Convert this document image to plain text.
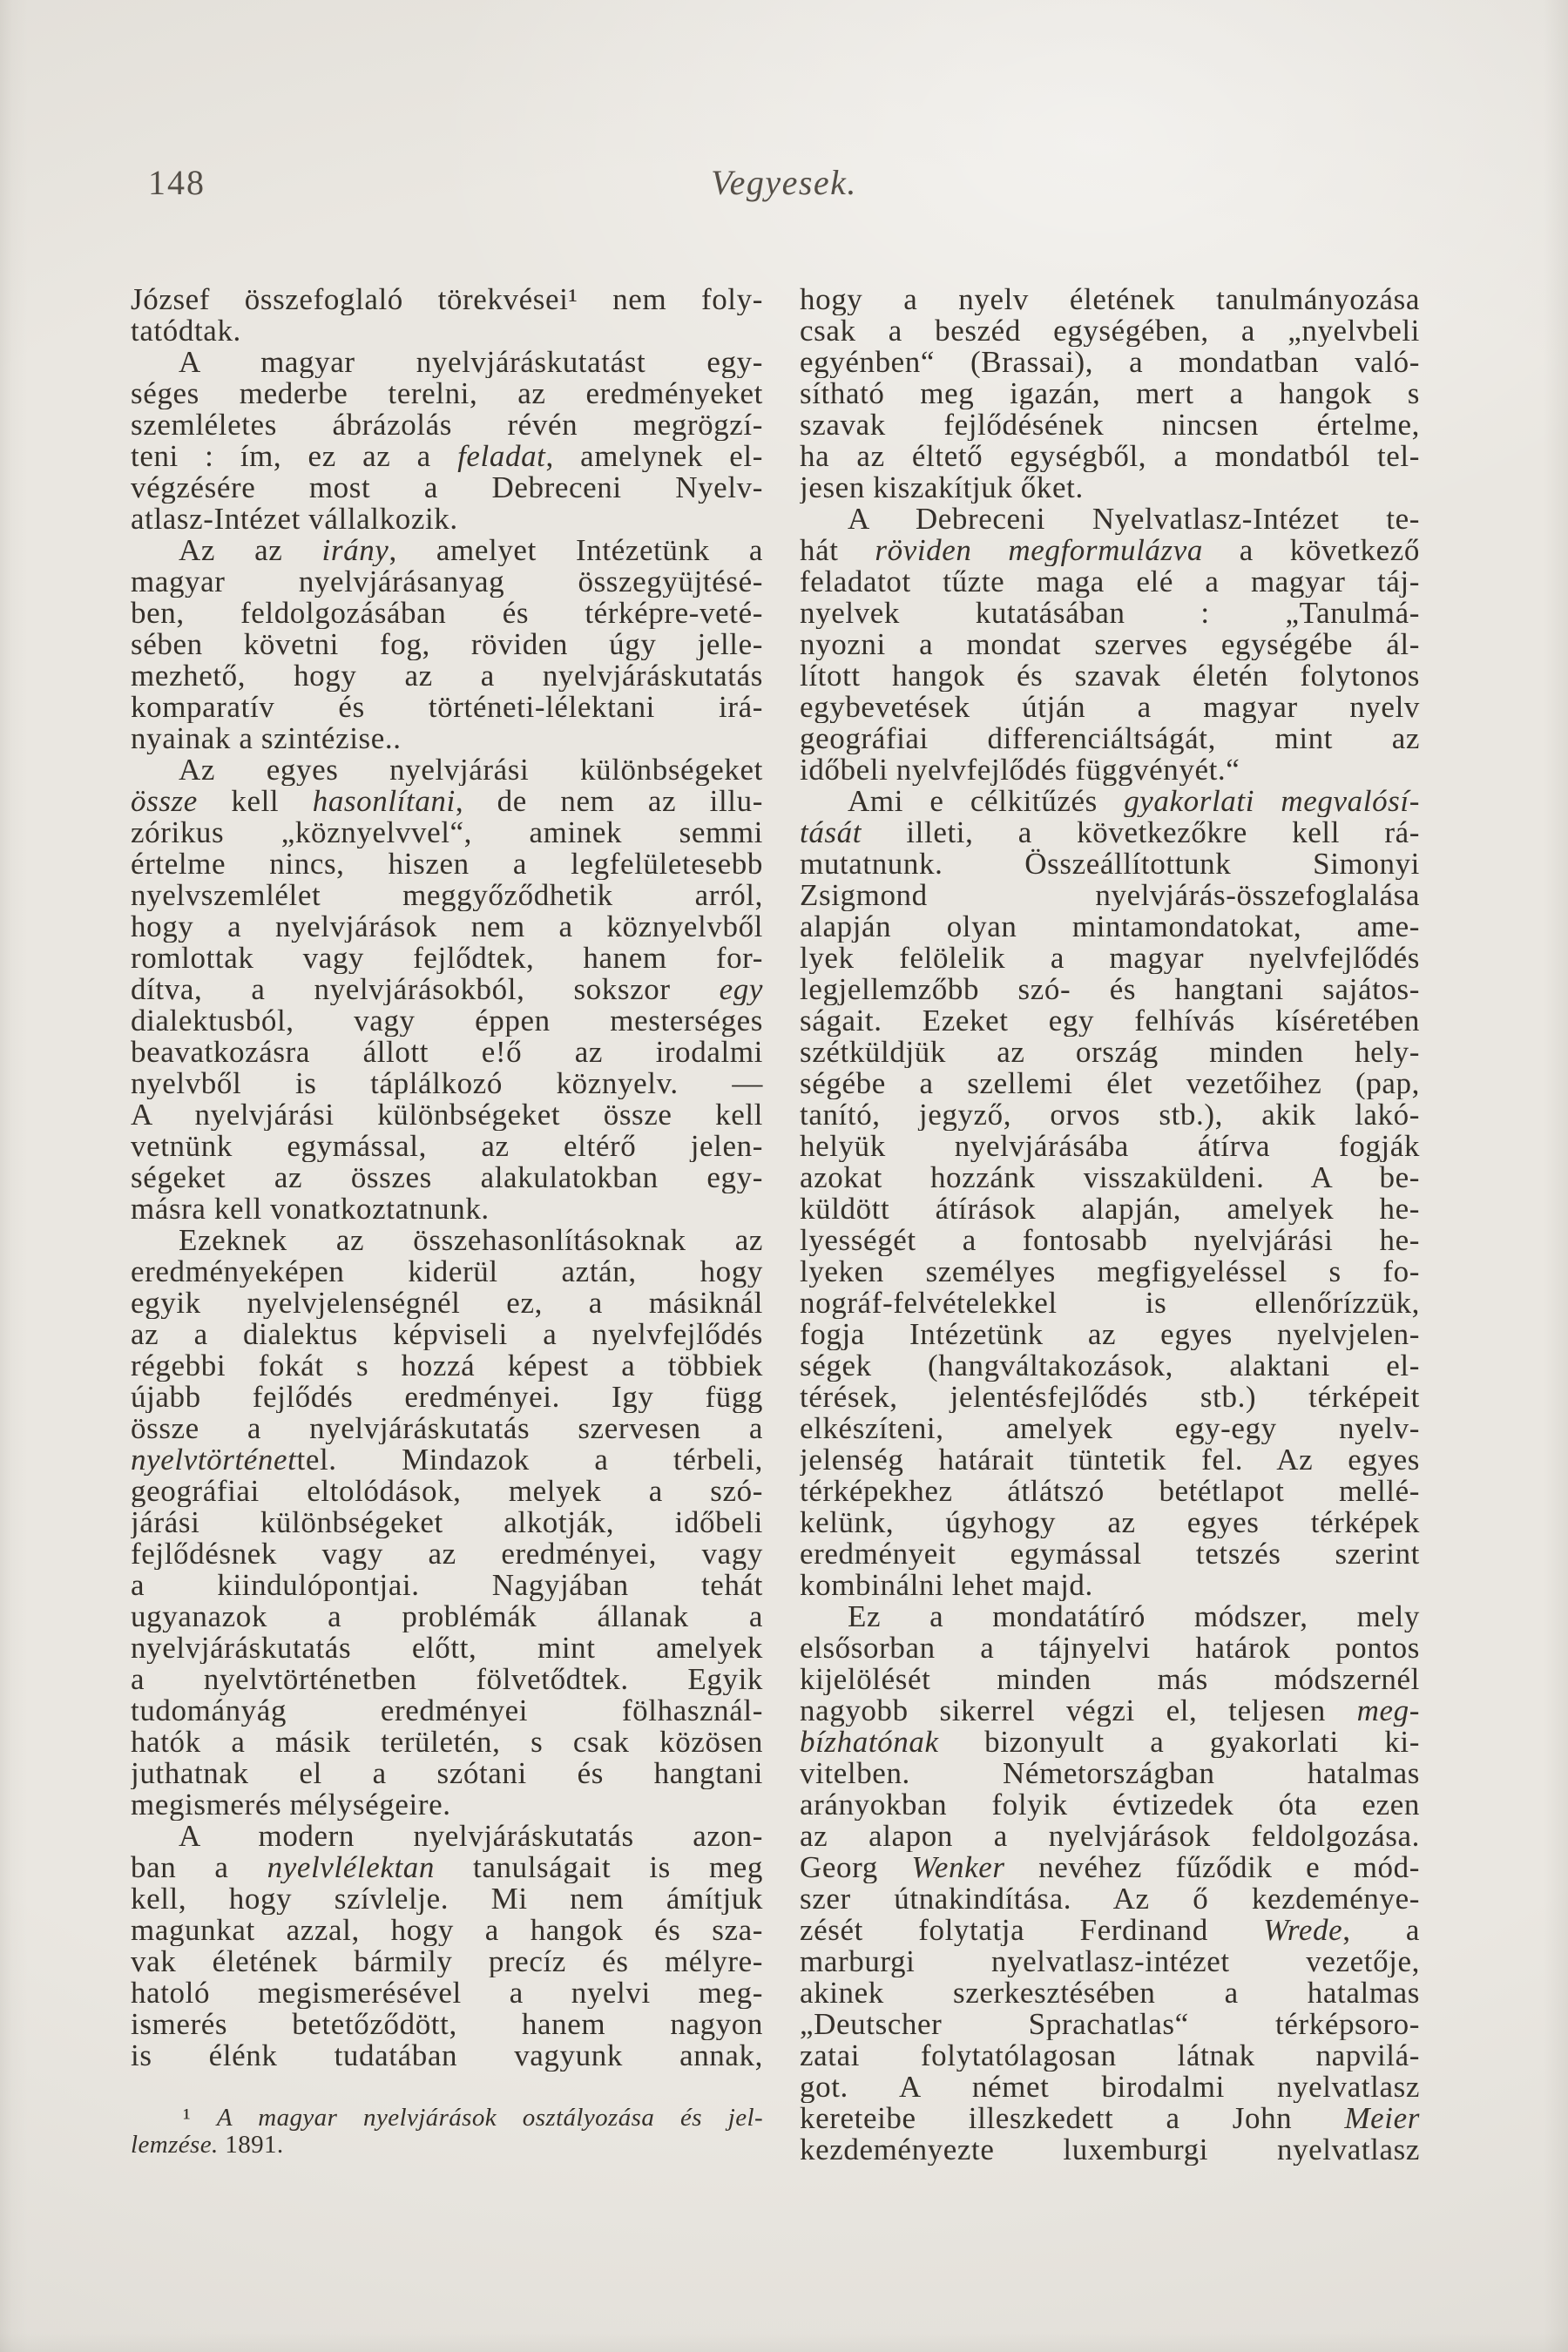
148	Vegyesek.
József összefoglaló törekvései¹ nem foly-
tatódtak.
A magyar nyelvjáráskutatást egy-
séges mederbe terelni, az eredményeket
szemléletes ábrázolás révén megrögzí-
teni : ím, ez az a feladat, amelynek el-
végzésére most a Debreceni Nyelv-
atlasz-Intézet vállalkozik.
Az az irány, amelyet Intézetünk a
magyar nyelvjárásanyag összegyüjtésé-
ben, feldolgozásában és térképre-veté-
sében követni fog, röviden úgy jelle-
mezhető, hogy az a nyelvjáráskutatás
komparatív és történeti-lélektani irá-
nyainak a szintézise..
Az egyes nyelvjárási különbségeket
össze kell hasonlítani, de nem az illu-
zórikus „köznyelvvel“, aminek semmi
értelme nincs, hiszen a legfelületesebb
nyelvszemlélet meggyőződhetik arról,
hogy a nyelvjárások nem a köznyelvből
romlottak vagy fejlődtek, hanem for-
dítva, a nyelvjárásokból, sokszor egy
dialektusból, vagy éppen mesterséges
beavatkozásra állott e!ő az irodalmi
nyelvből is táplálkozó köznyelv. —
A nyelvjárási különbségeket össze kell
vetnünk egymással, az eltérő jelen-
ségeket az összes alakulatokban egy-
másra kell vonatkoztatnunk.
Ezeknek az összehasonlításoknak az
eredményeképen kiderül aztán, hogy
egyik nyelvjelenségnél ez, a másiknál
az a dialektus képviseli a nyelvfejlődés
régebbi fokát s hozzá képest a többiek
újabb fejlődés eredményei. Igy függ
össze a nyelvjáráskutatás szervesen a
nyelvtörténettel. Mindazok a térbeli,
geográfiai eltolódások, melyek a szó-
járási különbségeket alkotják, időbeli
fejlődésnek vagy az eredményei, vagy
a kiindulópontjai. Nagyjában tehát
ugyanazok a problémák állanak a
nyelvjáráskutatás előtt, mint amelyek
a nyelvtörténetben fölvetődtek. Egyik
tudományág eredményei fölhasznál-
hatók a másik területén, s csak közösen
juthatnak el a szótani és hangtani
megismerés mélységeire.
A modern nyelvjáráskutatás azon-
ban a nyelvlélektan tanulságait is meg
kell, hogy szívlelje. Mi nem ámítjuk
magunkat azzal, hogy a hangok és sza-
vak életének bármily precíz és mélyre-
hatoló megismerésével a nyelvi meg-
ismerés betetőződött, hanem nagyon
is élénk tudatában vagyunk annak,
hogy a nyelv életének tanulmányozása
csak a beszéd egységében, a „nyelvbeli
egyénben“ (Brassai), a mondatban való-
sítható meg igazán, mert a hangok s
szavak fejlődésének nincsen értelme,
ha az éltető egységből, a mondatból tel-
jesen kiszakítjuk őket.
A Debreceni Nyelvatlasz-Intézet te-
hát röviden megformulázva a következő
feladatot tűzte maga elé a magyar táj-
nyelvek kutatásában : „Tanulmá-
nyozni a mondat szerves egységébe ál-
lított hangok és szavak életén folytonos
egybevetések útján a magyar nyelv
geográfiai differenciáltságát, mint az
időbeli nyelvfejlődés függvényét.“
Ami e célkitűzés gyakorlati megvalósí-
tását illeti, a következőkre kell rá-
mutatnunk. Összeállítottunk Simonyi
Zsigmond nyelvjárás-összefoglalása
alapján olyan mintamondatokat, ame-
lyek felölelik a magyar nyelvfejlődés
legjellemzőbb szó- és hangtani sajátos-
ságait. Ezeket egy felhívás kíséretében
szétküldjük az ország minden hely-
ségébe a szellemi élet vezetőihez (pap,
tanító, jegyző, orvos stb.), akik lakó-
helyük nyelvjárásába átírva fogják
azokat hozzánk visszaküldeni. A be-
küldött átírások alapján, amelyek he-
lyességét a fontosabb nyelvjárási he-
lyeken személyes megfigyeléssel s fo-
nográf-felvételekkel is ellenőrízzük,
fogja Intézetünk az egyes nyelvjelen-
ségek (hangváltakozások, alaktani el-
térések, jelentésfejlődés stb.) térképeit
elkészíteni, amelyek egy-egy nyelv-
jelenség határait tüntetik fel. Az egyes
térképekhez átlátszó betétlapot mellé-
kelünk, úgyhogy az egyes térképek
eredményeit egymással tetszés szerint
kombinálni lehet majd.
Ez a mondatátíró módszer, mely
elsősorban a tájnyelvi határok pontos
kijelölését minden más módszernél
nagyobb sikerrel végzi el, teljesen meg-
bízhatónak bizonyult a gyakorlati ki-
vitelben. Németországban hatalmas
arányokban folyik évtizedek óta ezen
az alapon a nyelvjárások feldolgozása.
Georg Wenker nevéhez fűződik e mód-
szer útnakindítása. Az ő kezdeménye-
zését folytatja Ferdinand Wrede, a
marburgi nyelvatlasz-intézet vezetője,
akinek szerkesztésében a hatalmas
„Deutscher Sprachatlas“ térképsoro-
zatai folytatólagosan látnak napvilá-
got. A német birodalmi nyelvatlasz
kereteibe illeszkedett a John Meier
kezdeményezte luxemburgi nyelvatlasz
¹ A magyar nyelvjárások osztályozása és jel-
lemzése. 1891.
